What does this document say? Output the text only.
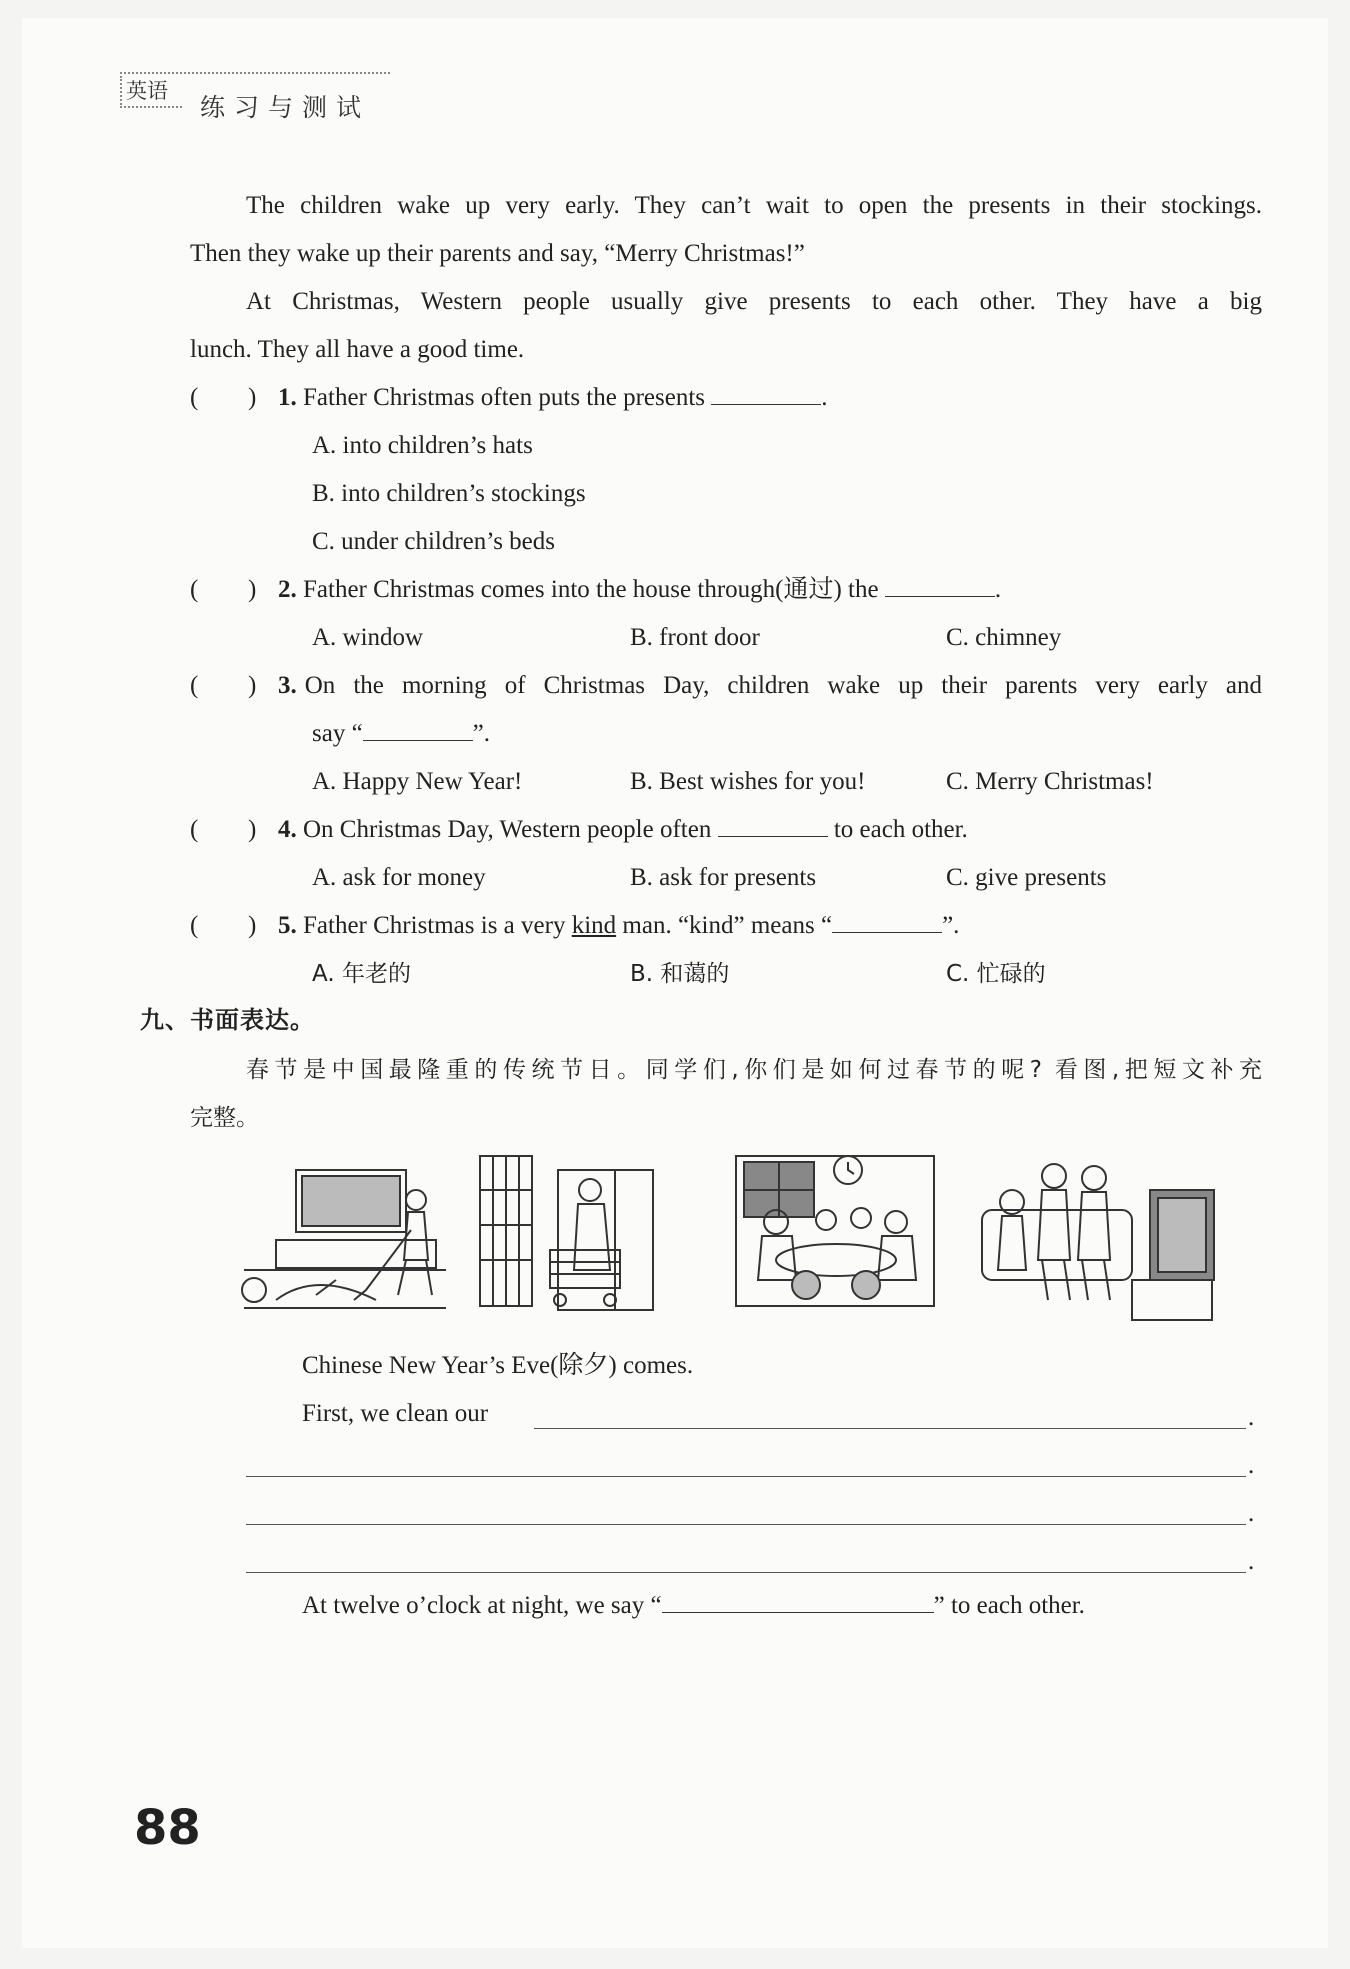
英语
练习与测试
The children wake up very early. They can’t wait to open the presents in their stockings.
Then they wake up their parents and say, “Merry Christmas!”
At Christmas, Western people usually give presents to each other. They have a big
lunch. They all have a good time.
( ) 1. Father Christmas often puts the presents	.
A. into children’s hats
B. into children’s stockings
C. under children’s beds
( ) 2. Father Christmas comes into the house through(通过) the	.
A. window	B. front door	C. chimney
( ) 3. On the morning of Christmas Day, children wake up their parents very early and
say “	”.
A. Happy New Year!	B. Best wishes for you!	C. Merry Christmas!
( ) 4. On Christmas Day, Western people often	to each other.
A. ask for money	B. ask for presents	C. give presents
( ) 5. Father Christmas is a very kind man. “kind” means “	”.
A. 年老的	B. 和蔼的	C. 忙碌的
九、书面表达。
春节是中国最隆重的传统节日。同学们,你们是如何过春节的呢? 看图,把短文补充
完整。
Chinese New Year’s Eve(除夕) comes.
First, we clean our	.
.
.
.
At twelve o’clock at night, we say “	” to each other.
88
